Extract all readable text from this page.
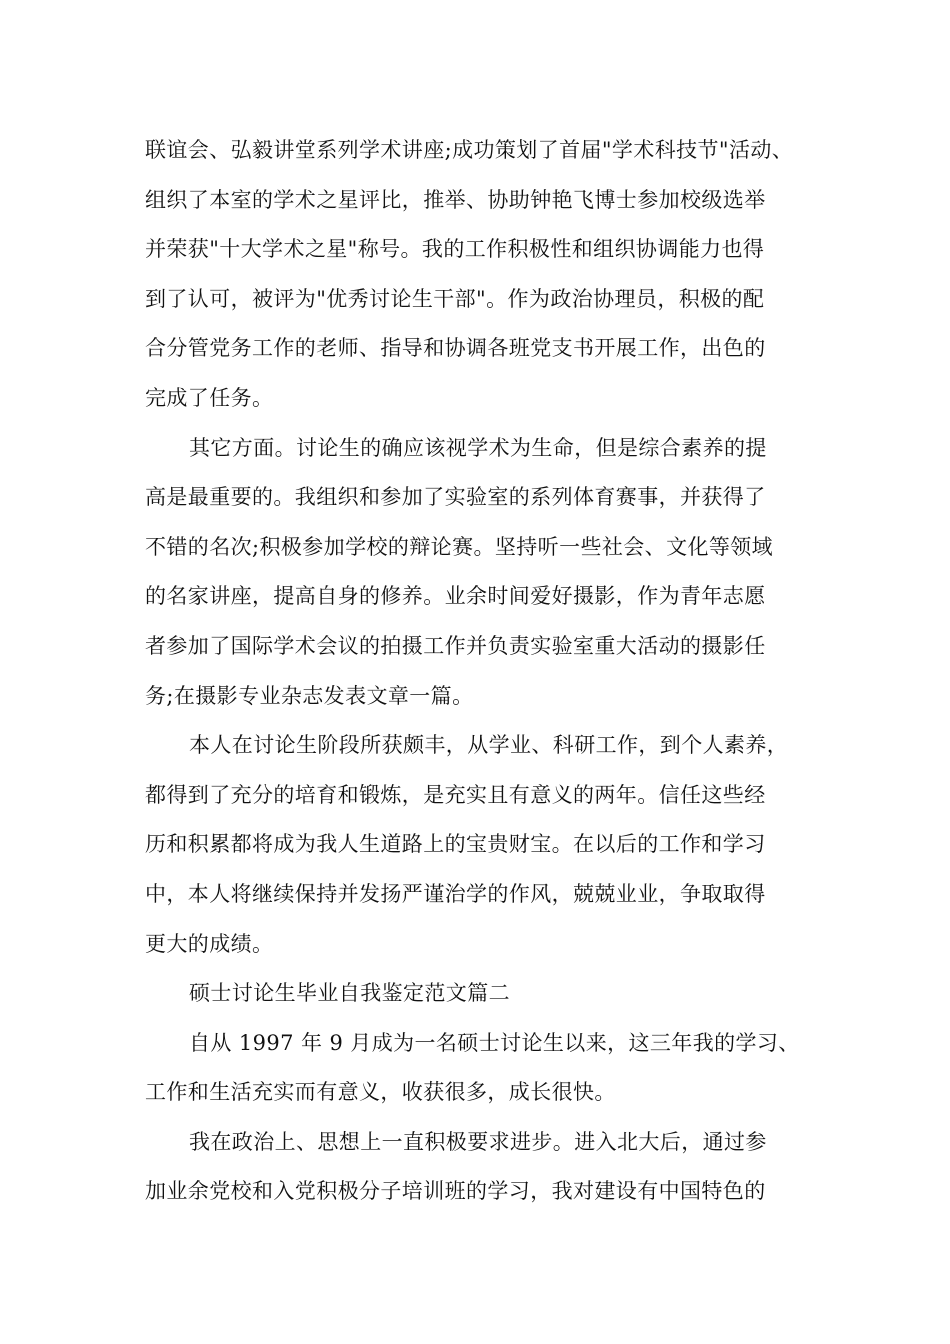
联谊会、弘毅讲堂系列学术讲座;成功策划了首届"学术科技节"活动、
组织了本室的学术之星评比，推举、协助钟艳飞博士参加校级选举
并荣获"十大学术之星"称号。我的工作积极性和组织协调能力也得
到了认可，被评为"优秀讨论生干部"。作为政治协理员，积极的配
合分管党务工作的老师、指导和协调各班党支书开展工作，出色的
完成了任务。
其它方面。讨论生的确应该视学术为生命，但是综合素养的提
高是最重要的。我组织和参加了实验室的系列体育赛事，并获得了
不错的名次;积极参加学校的辩论赛。坚持听一些社会、文化等领域
的名家讲座，提高自身的修养。业余时间爱好摄影，作为青年志愿
者参加了国际学术会议的拍摄工作并负责实验室重大活动的摄影任
务;在摄影专业杂志发表文章一篇。
本人在讨论生阶段所获颇丰，从学业、科研工作，到个人素养，
都得到了充分的培育和锻炼，是充实且有意义的两年。信任这些经
历和积累都将成为我人生道路上的宝贵财宝。在以后的工作和学习
中，本人将继续保持并发扬严谨治学的作风，兢兢业业，争取取得
更大的成绩。
硕士讨论生毕业自我鉴定范文篇二
自从 1997 年 9 月成为一名硕士讨论生以来，这三年我的学习、
工作和生活充实而有意义，收获很多，成长很快。
我在政治上、思想上一直积极要求进步。进入北大后，通过参
加业余党校和入党积极分子培训班的学习，我对建设有中国特色的
